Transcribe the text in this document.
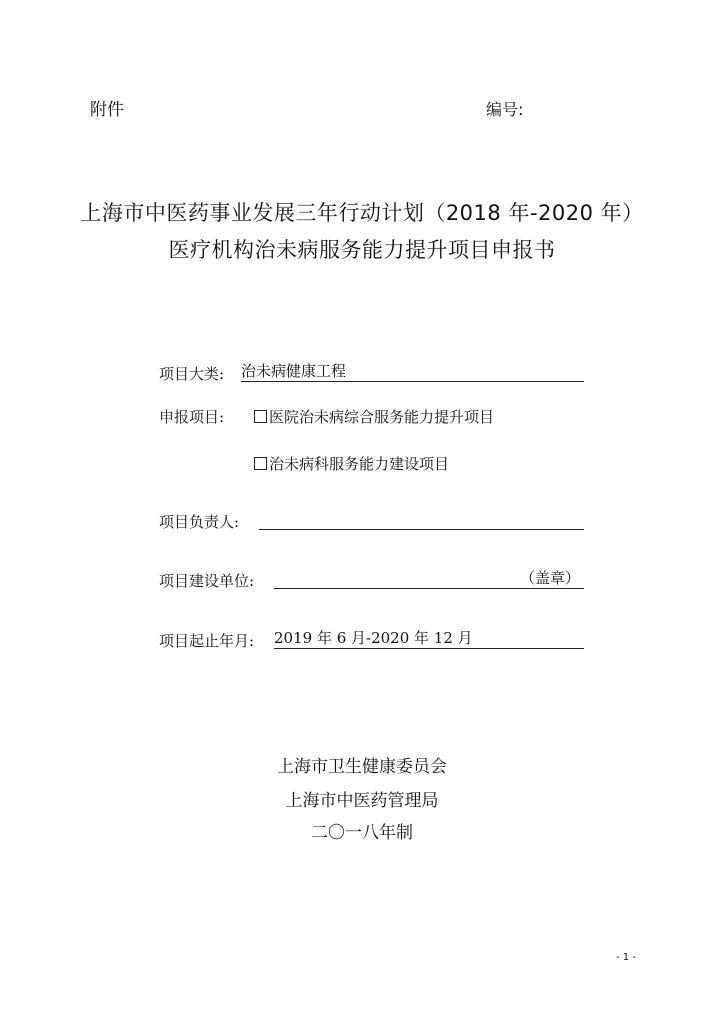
附件	编号:
上海市中医药事业发展三年行动计划（2018 年-2020 年）
医疗机构治未病服务能力提升项目申报书
项目大类: 治未病健康工程
申报项目:	医院治未病综合服务能力提升项目
治未病科服务能力建设项目
项目负责人:
项目建设单位:	（盖章）
项目起止年月: 2019 年 6 月-2020 年 12 月
上海市卫生健康委员会
上海市中医药管理局
二〇一八年制
- 1 -
